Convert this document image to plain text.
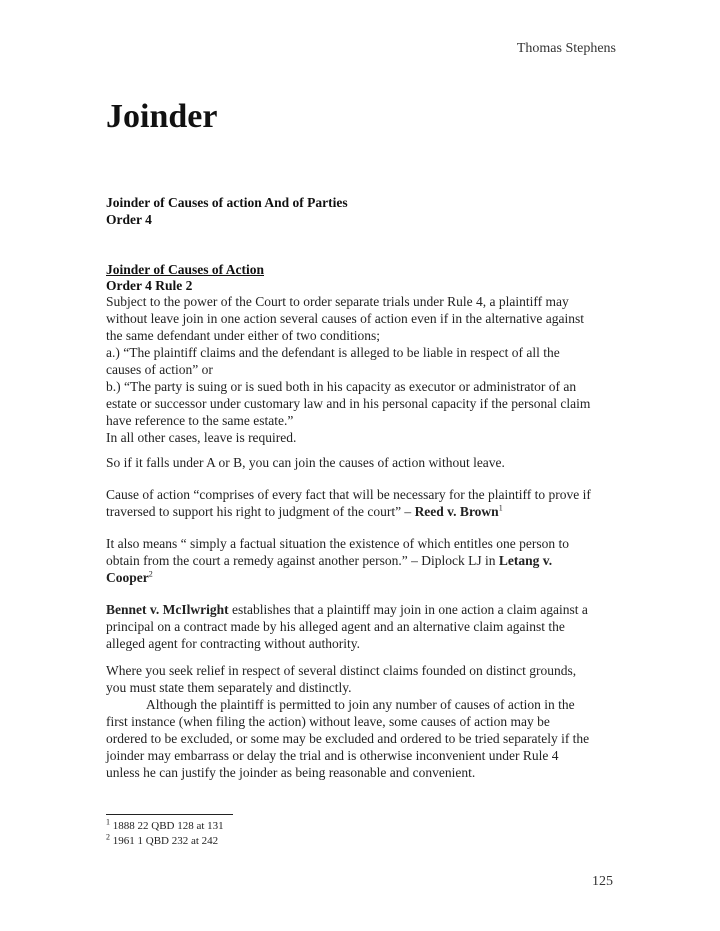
Thomas Stephens
Joinder
Joinder of Causes of action And of Parties
Order 4
Joinder of Causes of Action
Order 4 Rule 2
Subject to the power of the Court to order separate trials under Rule 4, a plaintiff may
without leave join in one action several causes of action even if in the alternative against
the same defendant under either of two conditions;
a.) “The plaintiff claims and the defendant is alleged to be liable in respect of all the
causes of action” or
b.) “The party is suing or is sued both in his capacity as executor or administrator of an
estate or successor under customary law and in his personal capacity if the personal claim
have reference to the same estate.”
In all other cases, leave is required.
So if it falls under A or B, you can join the causes of action without leave.
Cause of action “comprises of every fact that will be necessary for the plaintiff to prove if
traversed to support his right to judgment of the court” – Reed v. Brown$^1$
It also means “ simply a factual situation the existence of which entitles one person to
obtain from the court a remedy against another person.” – Diplock LJ in Letang v.
Cooper$^2$
Bennet v. McIlwright establishes that a plaintiff may join in one action a claim against a
principal on a contract made by his alleged agent and an alternative claim against the
alleged agent for contracting without authority.
Where you seek relief in respect of several distinct claims founded on distinct grounds,
you must state them separately and distinctly.
Although the plaintiff is permitted to join any number of causes of action in the
first instance (when filing the action) without leave, some causes of action may be
ordered to be excluded, or some may be excluded and ordered to be tried separately if the
joinder may embarrass or delay the trial and is otherwise inconvenient under Rule 4
unless he can justify the joinder as being reasonable and convenient.
$^1$ 1888 22 QBD 128 at 131
$^2$ 1961 1 QBD 232 at 242
125
